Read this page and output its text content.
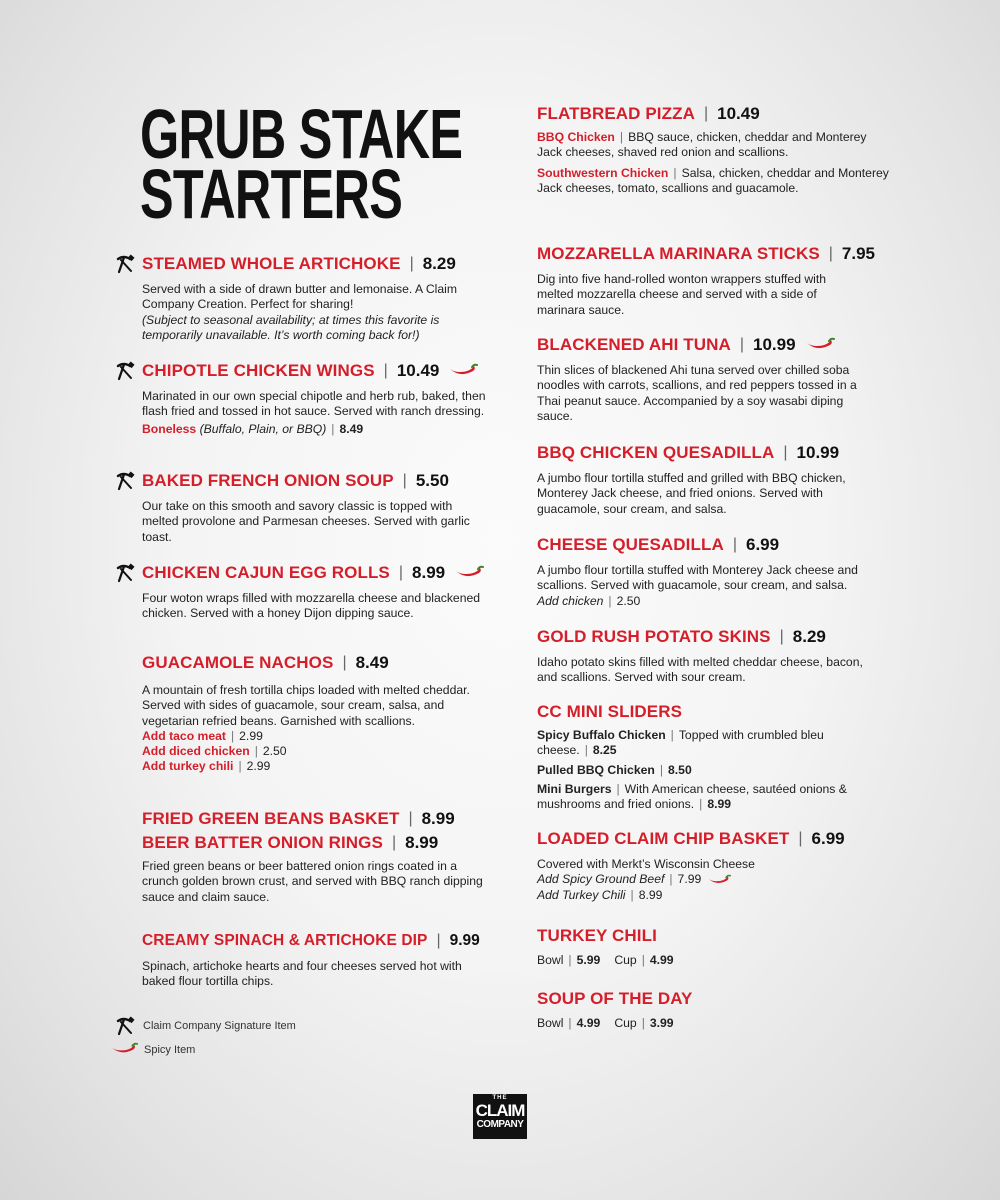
GRUB STAKE
STARTERS
STEAMED WHOLE ARTICHOKE | 8.29

Served with a side of drawn butter and lemonaise. A Claim Company Creation. Perfect for sharing!
(Subject to seasonal availability; at times this favorite is temporarily unavailable. It’s worth coming back for!)

CHIPOTLE CHICKEN WINGS | 10.49

Marinated in our own special chipotle and herb rub, baked, then flash fried and tossed in hot sauce. Served with ranch dressing.

Boneless (Buffalo, Plain, or BBQ) | 8.49
BAKED FRENCH ONION SOUP | 5.50

Our take on this smooth and savory classic is topped with melted provolone and Parmesan cheeses. Served with garlic toast.

CHICKEN CAJUN EGG ROLLS | 8.99

Four woton wraps filled with mozzarella cheese and blackened chicken. Served with a honey Dijon dipping sauce.

GUACAMOLE NACHOS | 8.49

A mountain of fresh tortilla chips loaded with melted cheddar. Served with sides of guacamole, sour cream, salsa, and vegetarian refried beans. Garnished with scallions.

Add taco meat | 2.99
Add diced chicken | 2.50
Add turkey chili | 2.99
FRIED GREEN BEANS BASKET | 8.99
BEER BATTER ONION RINGS | 8.99

Fried green beans or beer battered onion rings coated in a crunch golden brown crust, and served with BBQ ranch dipping sauce and claim sauce.

CREAMY SPINACH & ARTICHOKE DIP | 9.99

Spinach, artichoke hearts and four cheeses served hot with baked flour tortilla chips.

Claim Company Signature Item
Spicy Item
FLATBREAD PIZZA | 10.49
BBQ Chicken | BBQ sauce, chicken, cheddar and Monterey Jack cheeses, shaved red onion and scallions.
Southwestern Chicken | Salsa, chicken, cheddar and Monterey Jack cheeses, tomato, scallions and guacamole.
MOZZARELLA MARINARA STICKS | 7.95

Dig into five hand-rolled wonton wrappers stuffed with melted mozzarella cheese and served with a side of marinara sauce.

BLACKENED AHI TUNA | 10.99

Thin slices of blackened Ahi tuna served over chilled soba noodles with carrots, scallions, and red peppers tossed in a Thai peanut sauce. Accompanied by a soy wasabi diping sauce.

BBQ CHICKEN QUESADILLA | 10.99

A jumbo flour tortilla stuffed and grilled with BBQ chicken, Monterey Jack cheese, and fried onions. Served with guacamole, sour cream, and salsa.

CHEESE QUESADILLA | 6.99

A jumbo flour tortilla stuffed with Monterey Jack cheese and scallions. Served with guacamole, sour cream, and salsa.  Add chicken | 2.50

GOLD RUSH POTATO SKINS | 8.29

Idaho potato skins filled with melted cheddar cheese, bacon, and scallions. Served with sour cream.

CC MINI SLIDERS
Spicy Buffalo Chicken | Topped with crumbled bleu cheese. | 8.25
Pulled BBQ Chicken | 8.50
Mini Burgers | With American cheese, sautéed onions & mushrooms and fried onions. | 8.99
LOADED CLAIM CHIP BASKET | 6.99

Covered with Merkt’s Wisconsin Cheese

Add Spicy Ground Beef | 7.99
Add Turkey Chili | 8.99
TURKEY CHILI
Bowl | 5.99 Cup | 4.99
SOUP OF THE DAY
Bowl | 4.99 Cup | 3.99
THE
CLAIM
COMPANY
